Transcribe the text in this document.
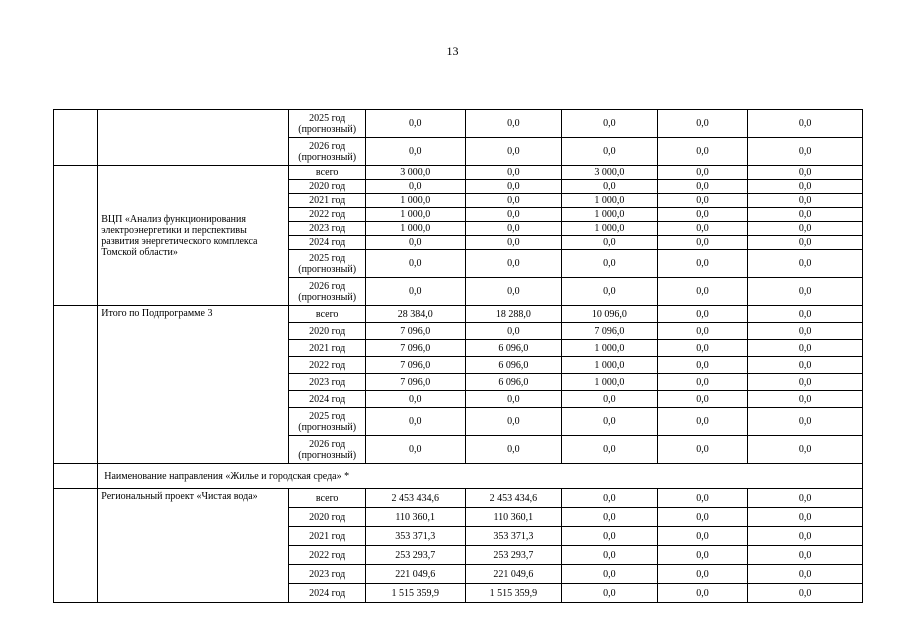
13
		2025 год
(прогнозный)	0,0	0,0	0,0	0,0	0,0
		2026 год
(прогнозный)	0,0	0,0	0,0	0,0	0,0
	ВЦП «Анализ функционирования электроэнергетики и перспективы развития энергетического комплекса Томской области»	всего	3 000,0	0,0	3 000,0	0,0	0,0
		2020 год	0,0	0,0	0,0	0,0	0,0
		2021 год	1 000,0	0,0	1 000,0	0,0	0,0
		2022 год	1 000,0	0,0	1 000,0	0,0	0,0
		2023 год	1 000,0	0,0	1 000,0	0,0	0,0
		2024 год	0,0	0,0	0,0	0,0	0,0
		2025 год
(прогнозный)	0,0	0,0	0,0	0,0	0,0
		2026 год
(прогнозный)	0,0	0,0	0,0	0,0	0,0
	Итого по Подпрограмме 3	всего	28 384,0	18 288,0	10 096,0	0,0	0,0
		2020 год	7 096,0	0,0	7 096,0	0,0	0,0
		2021 год	7 096,0	6 096,0	1 000,0	0,0	0,0
		2022 год	7 096,0	6 096,0	1 000,0	0,0	0,0
		2023 год	7 096,0	6 096,0	1 000,0	0,0	0,0
		2024 год	0,0	0,0	0,0	0,0	0,0
		2025 год
(прогнозный)	0,0	0,0	0,0	0,0	0,0
		2026 год
(прогнозный)	0,0	0,0	0,0	0,0	0,0
	Наименование направления «Жилье и городская среда» *						
	Региональный проект «Чистая вода»	всего	2 453 434,6	2 453 434,6	0,0	0,0	0,0
		2020 год	110 360,1	110 360,1	0,0	0,0	0,0
		2021 год	353 371,3	353 371,3	0,0	0,0	0,0
		2022 год	253 293,7	253 293,7	0,0	0,0	0,0
		2023 год	221 049,6	221 049,6	0,0	0,0	0,0
		2024 год	1 515 359,9	1 515 359,9	0,0	0,0	0,0
